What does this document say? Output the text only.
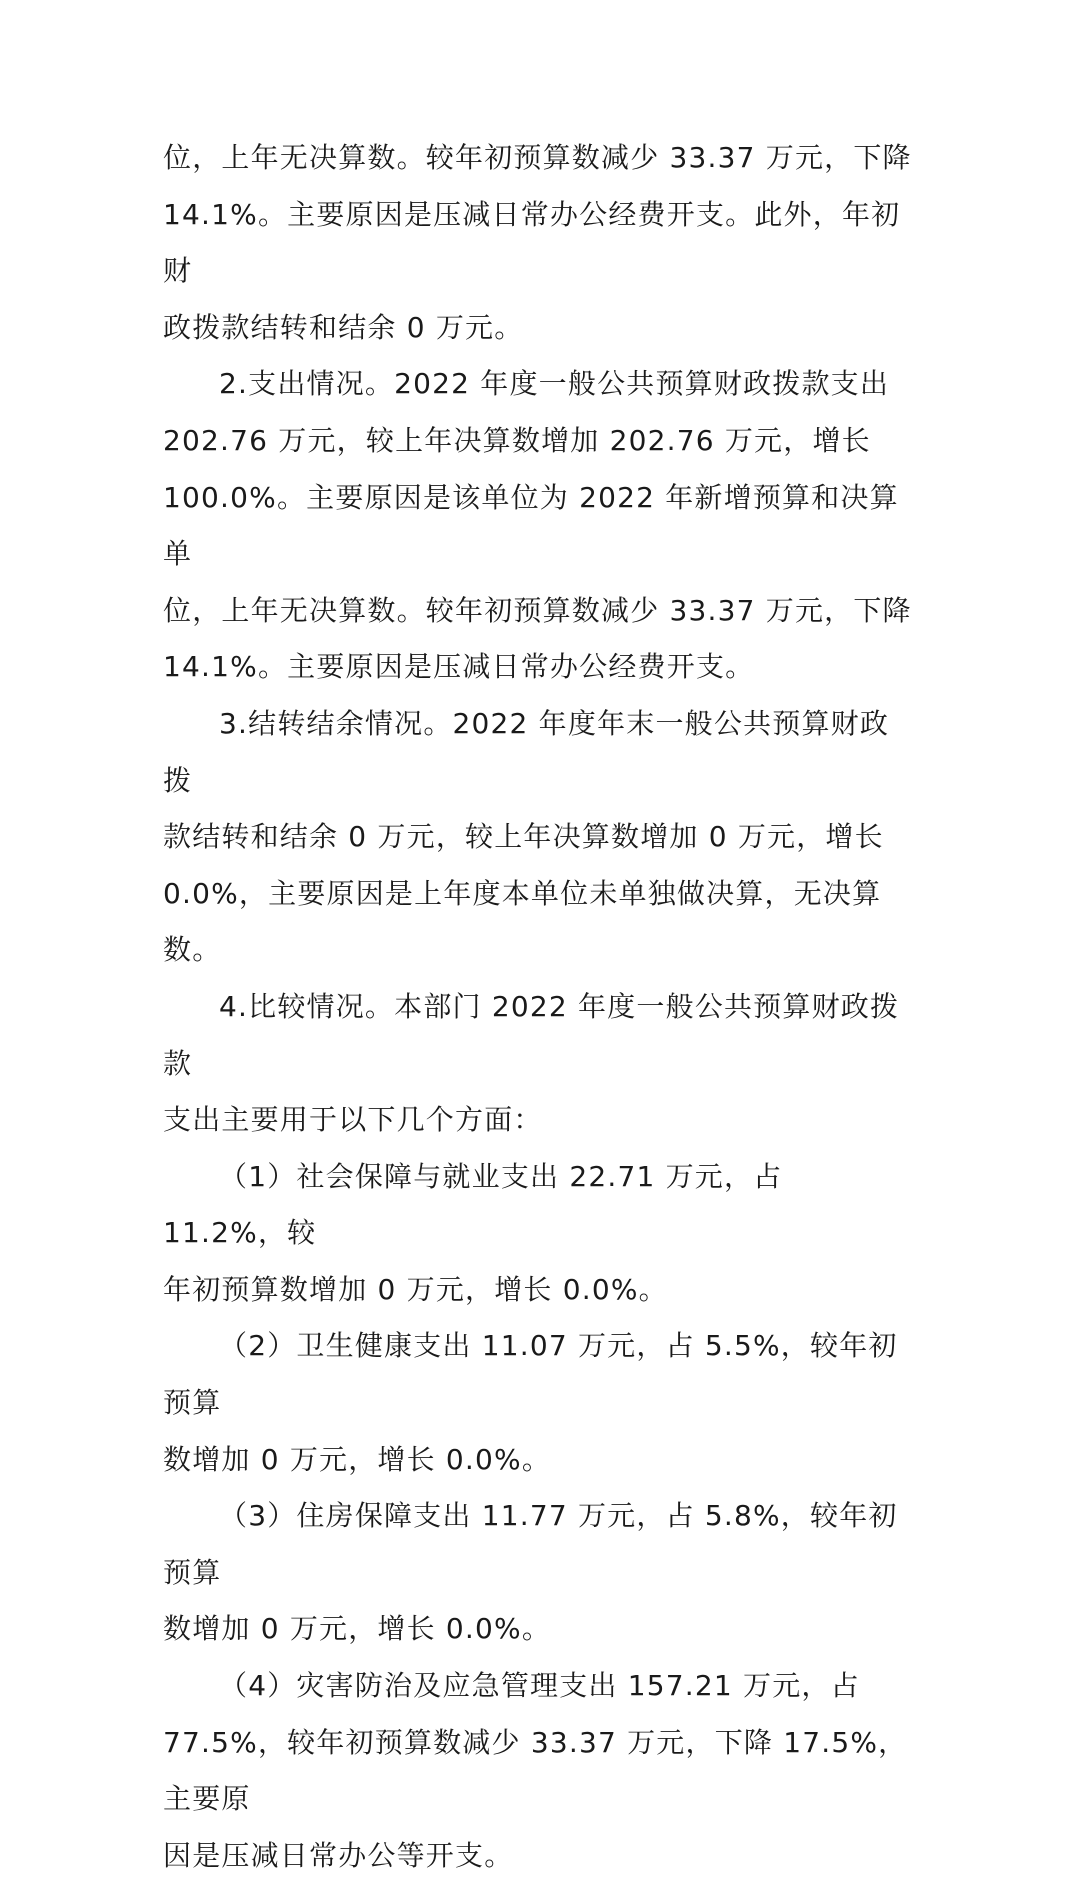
位，上年无决算数。较年初预算数减少 33.37 万元，下降
14.1%。主要原因是压减日常办公经费开支。此外，年初财
政拨款结转和结余 0 万元。

2.支出情况。2022 年度一般公共预算财政拨款支出
202.76 万元，较上年决算数增加 202.76 万元，增长
100.0%。主要原因是该单位为 2022 年新增预算和决算单
位，上年无决算数。较年初预算数减少 33.37 万元，下降
14.1%。主要原因是压减日常办公经费开支。

3.结转结余情况。2022 年度年末一般公共预算财政拨
款结转和结余 0 万元，较上年决算数增加 0 万元，增长
0.0%，主要原因是上年度本单位未单独做决算，无决算数。

4.比较情况。本部门 2022 年度一般公共预算财政拨款
支出主要用于以下几个方面：

（1）社会保障与就业支出 22.71 万元，占 11.2%，较
年初预算数增加 0 万元，增长 0.0%。

（2）卫生健康支出 11.07 万元，占 5.5%，较年初预算
数增加 0 万元，增长 0.0%。

（3）住房保障支出 11.77 万元，占 5.8%，较年初预算
数增加 0 万元，增长 0.0%。

（4）灾害防治及应急管理支出 157.21 万元，占
77.5%，较年初预算数减少 33.37 万元，下降 17.5%，主要原
因是压减日常办公等开支。
